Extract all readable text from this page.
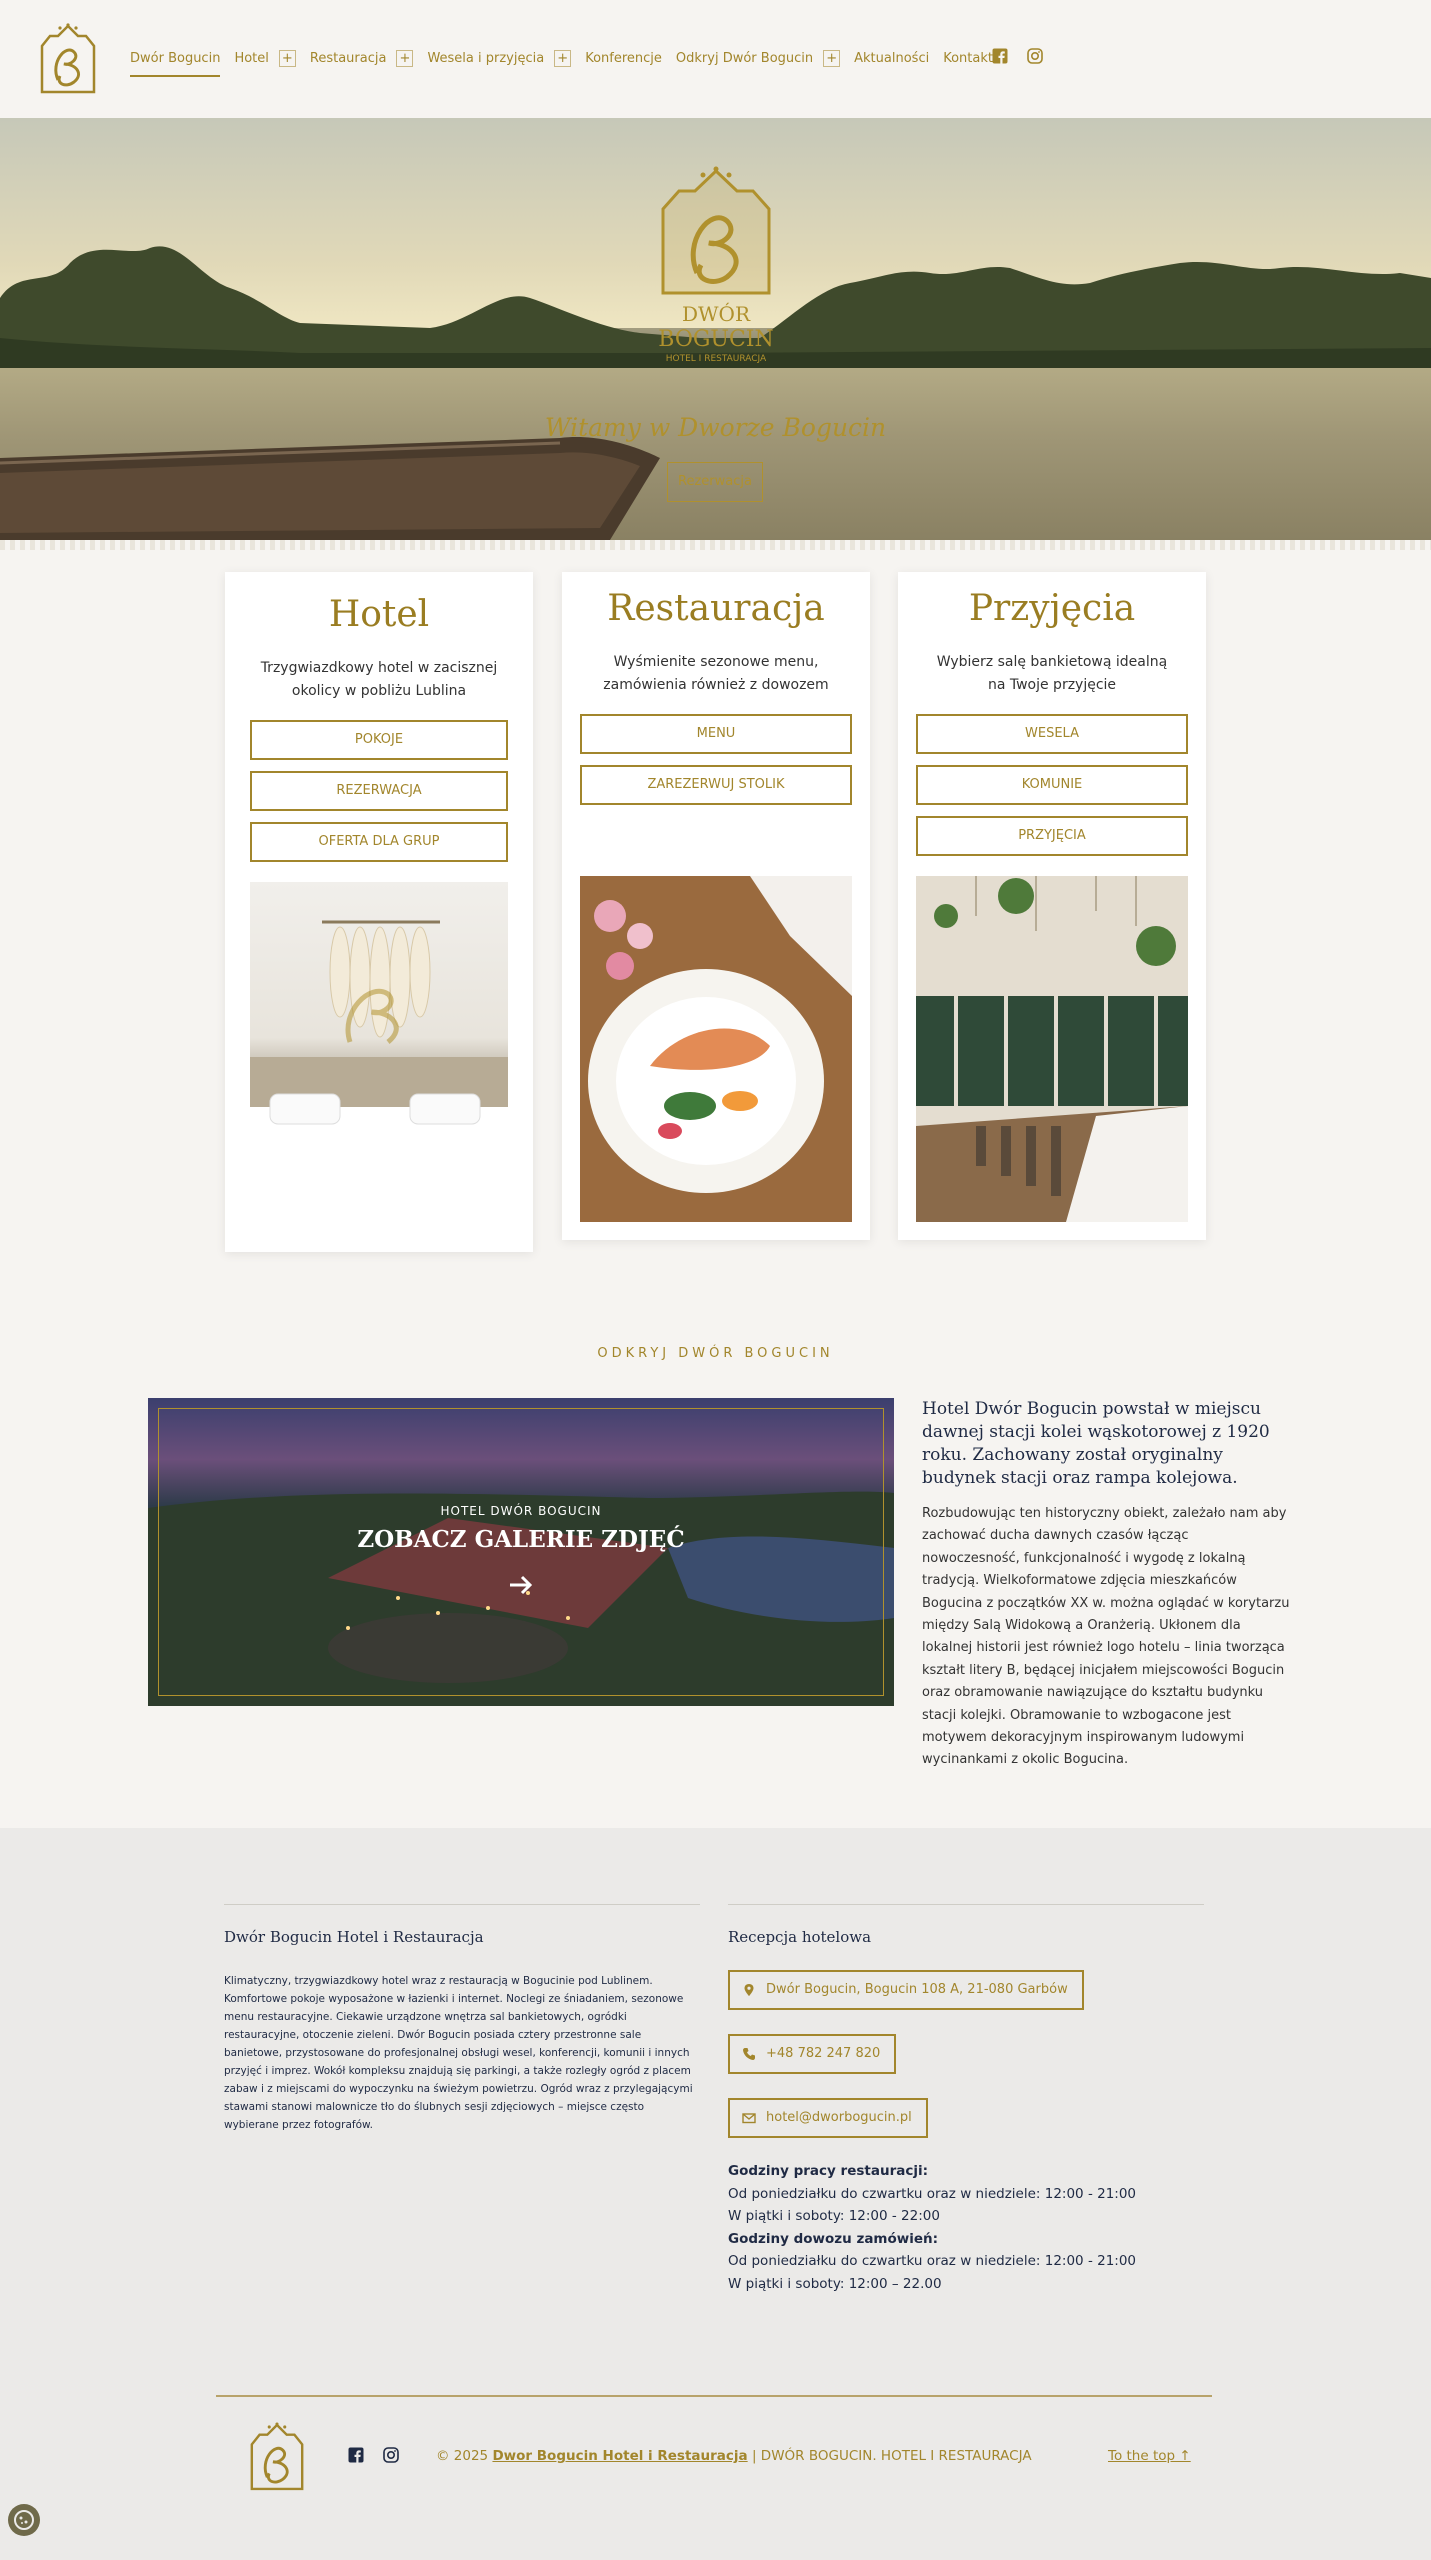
Dwór Bogucin Hotel + Restauracja + Wesela i przyjęcia + Konferencje Odkryj Dwór Bogucin + Aktualności Kontakt
DWÓR
BOGUCIN
HOTEL I RESTAURACJA
Witamy w Dworze Bogucin
Rezerwacja
Hotel
Trzygwiazdkowy hotel w zacisznej okolicy w pobliżu Lublina
POKOJE
REZERWACJA
OFERTA DLA GRUP
Restauracja
Wyśmienite sezonowe menu, zamówienia również z dowozem
MENU
ZAREZERWUJ STOLIK
Przyjęcia
Wybierz salę bankietową idealną na Twoje przyjęcie
WESELA
KOMUNIE
PRZYJĘCIA
ODKRYJ DWÓR BOGUCIN
HOTEL DWÓR BOGUCIN
ZOBACZ GALERIE ZDJĘĆ
Hotel Dwór Bogucin powstał w miejscu dawnej stacji kolei wąskotorowej z 1920 roku. Zachowany został oryginalny budynek stacji oraz rampa kolejowa.
Rozbudowując ten historyczny obiekt, zależało nam aby zachować ducha dawnych czasów łącząc nowoczesność, funkcjonalność i wygodę z lokalną tradycją. Wielkoformatowe zdjęcia mieszkańców Bogucina z początków XX w. można oglądać w korytarzu między Salą Widokową a Oranżerią. Ukłonem dla lokalnej historii jest również logo hotelu – linia tworząca kształt litery B, będącej inicjałem miejscowości Bogucin oraz obramowanie nawiązujące do kształtu budynku stacji kolejki. Obramowanie to wzbogacone jest motywem dekoracyjnym inspirowanym ludowymi wycinankami z okolic Bogucina.
Dwór Bogucin Hotel i Restauracja
Klimatyczny, trzygwiazdkowy hotel wraz z restauracją w Bogucinie pod Lublinem. Komfortowe pokoje wyposażone w łazienki i internet. Noclegi ze śniadaniem, sezonowe menu restauracyjne. Ciekawie urządzone wnętrza sal bankietowych, ogródki restauracyjne, otoczenie zieleni. Dwór Bogucin posiada cztery przestronne sale banietowe, przystosowane do profesjonalnej obsługi wesel, konferencji, komunii i innych przyjęć i imprez. Wokół kompleksu znajdują się parkingi, a także rozległy ogród z placem zabaw i z miejscami do wypoczynku na świeżym powietrzu. Ogród wraz z przylegającymi stawami stanowi malownicze tło do ślubnych sesji zdjęciowych – miejsce często wybierane przez fotografów.
Recepcja hotelowa
Dwór Bogucin, Bogucin 108 A, 21-080 Garbów
+48 782 247 820
hotel@dworbogucin.pl
Godziny pracy restauracji:
Od poniedziałku do czwartku oraz w niedziele: 12:00 - 21:00
W piątki i soboty: 12:00 - 22:00
Godziny dowozu zamówień:
Od poniedziałku do czwartku oraz w niedziele: 12:00 - 21:00
W piątki i soboty: 12:00 – 22.00
© 2025 Dwor Bogucin Hotel i Restauracja | DWÓR BOGUCIN. HOTEL I RESTAURACJA	To the top ↑
